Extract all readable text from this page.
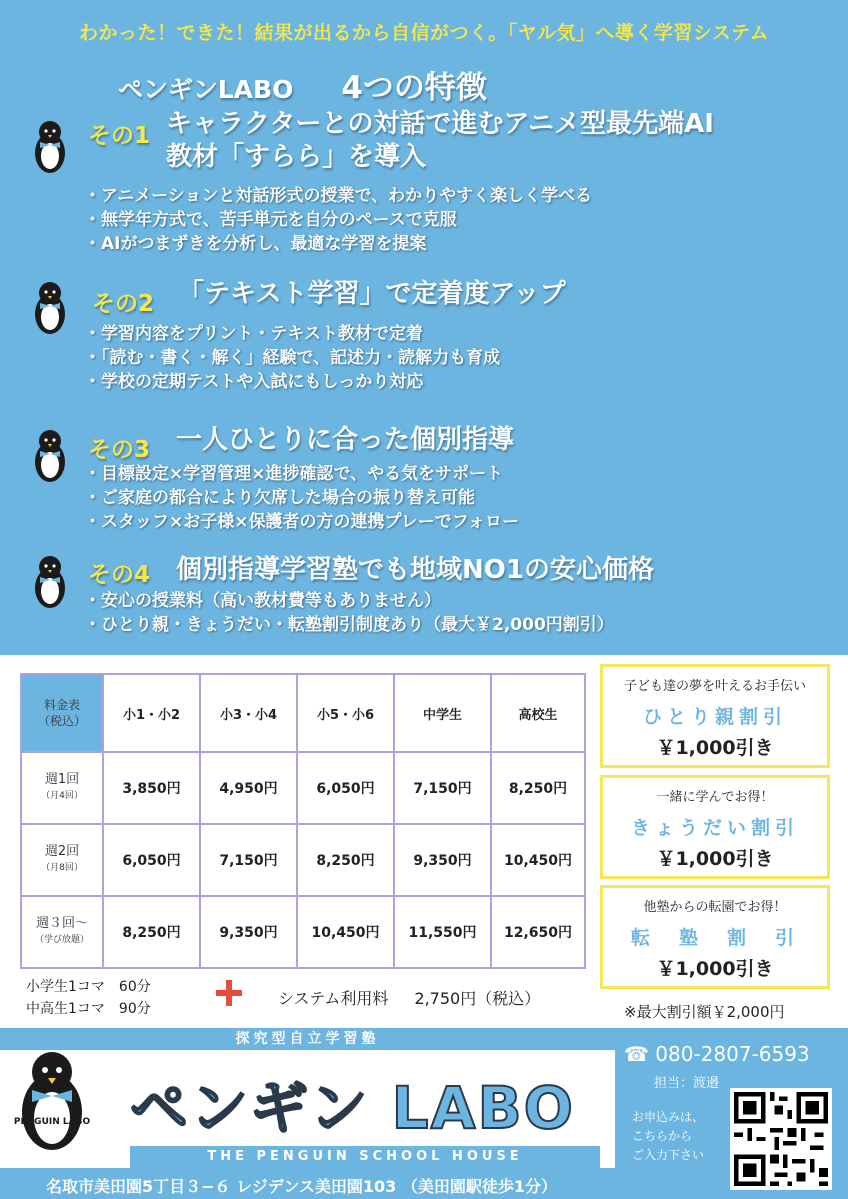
わかった！できた！結果が出るから自信がつく。「ヤル気」へ導く学習システム
ペンギンLABO 4つの特徴
その1 キャラクターとの対話で進むアニメ型最先端AI
教材「すらら」を導入
・ アニメーションと対話形式の授業で、わかりやすく楽しく学べる
・ 無学年方式で、苦手単元を自分のペースで克服
・ AIがつまずきを分析し、最適な学習を提案
その2 「テキスト学習」で定着度アップ
・ 学習内容をプリント・テキスト教材で定着
・ 「読む・書く・解く」経験で、記述力・読解力も育成
・ 学校の定期テストや入試にもしっかり対応
その3 一人ひとりに合った個別指導
・ 目標設定×学習管理×進捗確認で、やる気をサポート
・ ご家庭の都合により欠席した場合の振り替え可能
・ スタッフ×お子様×保護者の方の連携プレーでフォロー
その4 個別指導学習塾でも地域NO1の安心価格
・ 安心の授業料（高い教材費等もありません）
・ ひとり親・きょうだい・転塾割引制度あり（最大￥2,000円割引）
料金表
（税込）	小1・小2	小3・小4	小5・小6	中学生	高校生
週1回
（月4回）	3,850円	4,950円	6,050円	7,150円	8,250円
週2回
（月8回）	6,050円	7,150円	8,250円	9,350円	10,450円
週３回～
（学び放題）	8,250円	9,350円	10,450円	11,550円	12,650円
小学生1コマ　60分
中高生1コマ　90分
システム利用料 2,750円（税込）
子ども達の夢を叶えるお手伝い
ひとり親割引
￥1,000引き
一緒に学んでお得！
きょうだい割引
￥1,000引き
他塾からの転園でお得！
転　塾　割　引
￥1,000引き
※最大割引額￥2,000円
探究型自立学習塾
PENGUIN LABO ペンギン LABO
THE PENGUIN SCHOOL HOUSE
☎ 080-2807-6593
担当：渡邉
お申込みは、
こちらから
ご入力下さい
名取市美田園5丁目３−６ レジデンス美田園103 （美田園駅徒歩1分）
